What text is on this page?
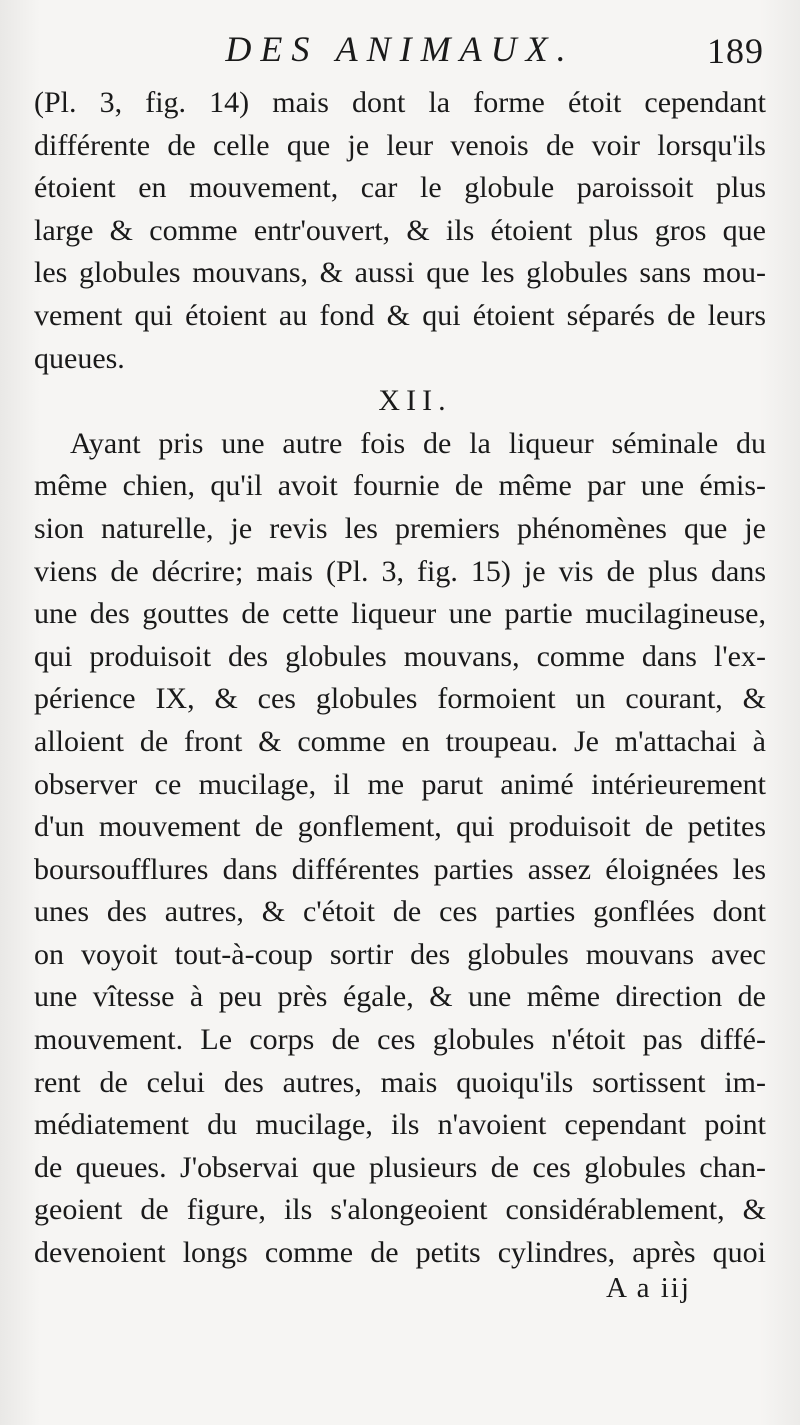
DES ANIMAUX.	189
(Pl. 3, fig. 14) mais dont la forme étoit cependant
différente de celle que je leur venois de voir lorsqu'ils
étoient en mouvement, car le globule paroissoit plus
large & comme entr'ouvert, & ils étoient plus gros que
les globules mouvans, & aussi que les globules sans mou-
vement qui étoient au fond & qui étoient séparés de leurs
queues.
XII.
Ayant pris une autre fois de la liqueur séminale du
même chien, qu'il avoit fournie de même par une émis-
sion naturelle, je revis les premiers phénomènes que je
viens de décrire; mais (Pl. 3, fig. 15) je vis de plus dans
une des gouttes de cette liqueur une partie mucilagineuse,
qui produisoit des globules mouvans, comme dans l'ex-
périence IX, & ces globules formoient un courant, &
alloient de front & comme en troupeau. Je m'attachai à
observer ce mucilage, il me parut animé intérieurement
d'un mouvement de gonflement, qui produisoit de petites
boursoufflures dans différentes parties assez éloignées les
unes des autres, & c'étoit de ces parties gonflées dont
on voyoit tout-à-coup sortir des globules mouvans avec
une vîtesse à peu près égale, & une même direction de
mouvement. Le corps de ces globules n'étoit pas diffé-
rent de celui des autres, mais quoiqu'ils sortissent im-
médiatement du mucilage, ils n'avoient cependant point
de queues. J'observai que plusieurs de ces globules chan-
geoient de figure, ils s'alongeoient considérablement, &
devenoient longs comme de petits cylindres, après quoi
A a iij
